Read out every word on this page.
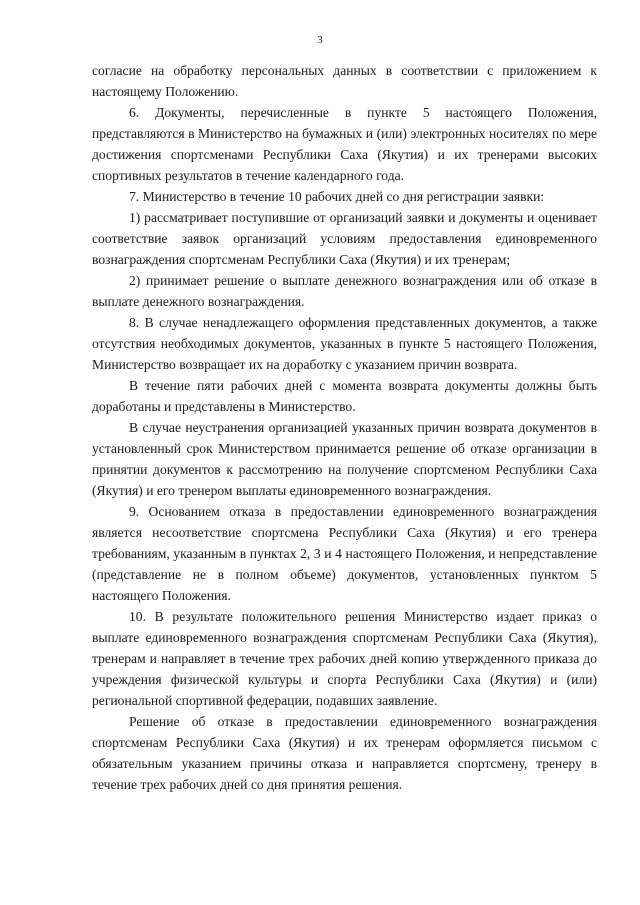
3

согласие на обработку персональных данных в соответствии с приложением к настоящему Положению.

6. Документы, перечисленные в пункте 5 настоящего Положения, представляются в Министерство на бумажных и (или) электронных носителях по мере достижения спортсменами Республики Саха (Якутия) и их тренерами высоких спортивных результатов в течение календарного года.

7. Министерство в течение 10 рабочих дней со дня регистрации заявки:

1) рассматривает поступившие от организаций заявки и документы и оценивает соответствие заявок организаций условиям предоставления единовременного вознаграждения спортсменам Республики Саха (Якутия) и их тренерам;

2) принимает решение о выплате денежного вознаграждения или об отказе в выплате денежного вознаграждения.

8. В случае ненадлежащего оформления представленных документов, а также отсутствия необходимых документов, указанных в пункте 5 настоящего Положения, Министерство возвращает их на доработку с указанием причин возврата.

В течение пяти рабочих дней с момента возврата документы должны быть доработаны и представлены в Министерство.

В случае неустранения организацией указанных причин возврата документов в установленный срок Министерством принимается решение об отказе организации в принятии документов к рассмотрению на получение спортсменом Республики Саха (Якутия) и его тренером выплаты единовременного вознаграждения.

9. Основанием отказа в предоставлении единовременного вознаграждения является несоответствие спортсмена Республики Саха (Якутия) и его тренера требованиям, указанным в пунктах 2, 3 и 4 настоящего Положения, и непредставление (представление не в полном объеме) документов, установленных пунктом 5 настоящего Положения.

10. В результате положительного решения Министерство издает приказ о выплате единовременного вознаграждения спортсменам Республики Саха (Якутия), тренерам и направляет в течение трех рабочих дней копию утвержденного приказа до учреждения физической культуры и спорта Республики Саха (Якутия) и (или) региональной спортивной федерации, подавших заявление.

Решение об отказе в предоставлении единовременного вознаграждения спортсменам Республики Саха (Якутия) и их тренерам оформляется письмом с обязательным указанием причины отказа и направляется спортсмену, тренеру в течение трех рабочих дней со дня принятия решения.
